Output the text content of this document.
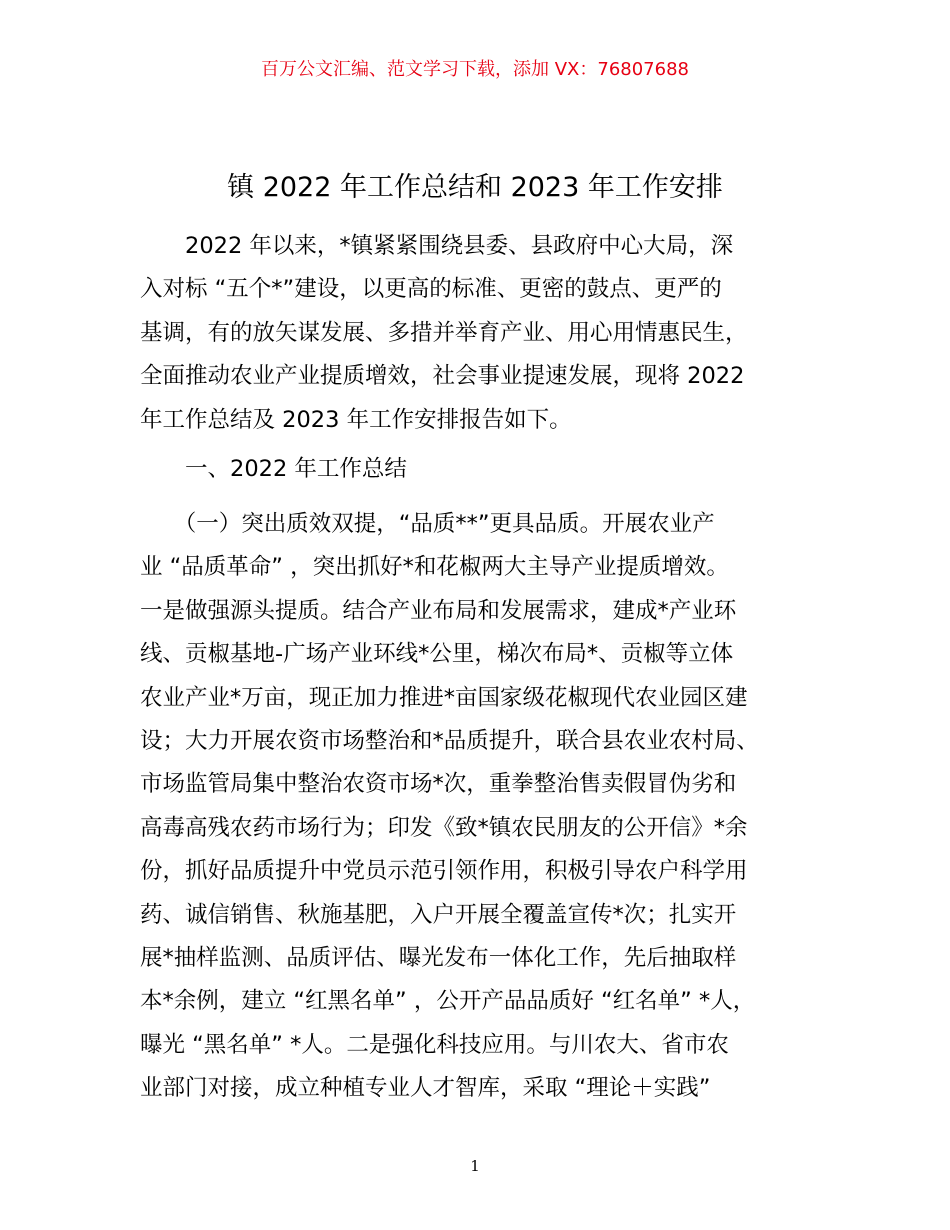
百万公文汇编、范文学习下载，添加 VX：76807688
镇 2022 年工作总结和 2023 年工作安排
　　2022 年以来，*镇紧紧围绕县委、县政府中心大局，深
入对标 “五个*”建设，以更高的标准、更密的鼓点、更严的
基调，有的放矢谋发展、多措并举育产业、用心用情惠民生，
全面推动农业产业提质增效，社会事业提速发展，现将 2022
年工作总结及 2023 年工作安排报告如下。
　　一、2022 年工作总结
　　（一）突出质效双提，“品质**”更具品质。开展农业产
业 “品质革命” ，突出抓好*和花椒两大主导产业提质增效。
一是做强源头提质。结合产业布局和发展需求，建成*产业环
线、贡椒基地-广场产业环线*公里，梯次布局*、贡椒等立体
农业产业*万亩，现正加力推进*亩国家级花椒现代农业园区建
设；大力开展农资市场整治和*品质提升，联合县农业农村局、
市场监管局集中整治农资市场*次，重拳整治售卖假冒伪劣和
高毒高残农药市场行为；印发《致*镇农民朋友的公开信》*余
份，抓好品质提升中党员示范引领作用，积极引导农户科学用
药、诚信销售、秋施基肥，入户开展全覆盖宣传*次；扎实开
展*抽样监测、品质评估、曝光发布一体化工作，先后抽取样
本*余例，建立 “红黑名单” ，公开产品品质好 “红名单” *人，
曝光 “黑名单” *人。二是强化科技应用。与川农大、省市农
业部门对接，成立种植专业人才智库，采取 “理论＋实践”
1
